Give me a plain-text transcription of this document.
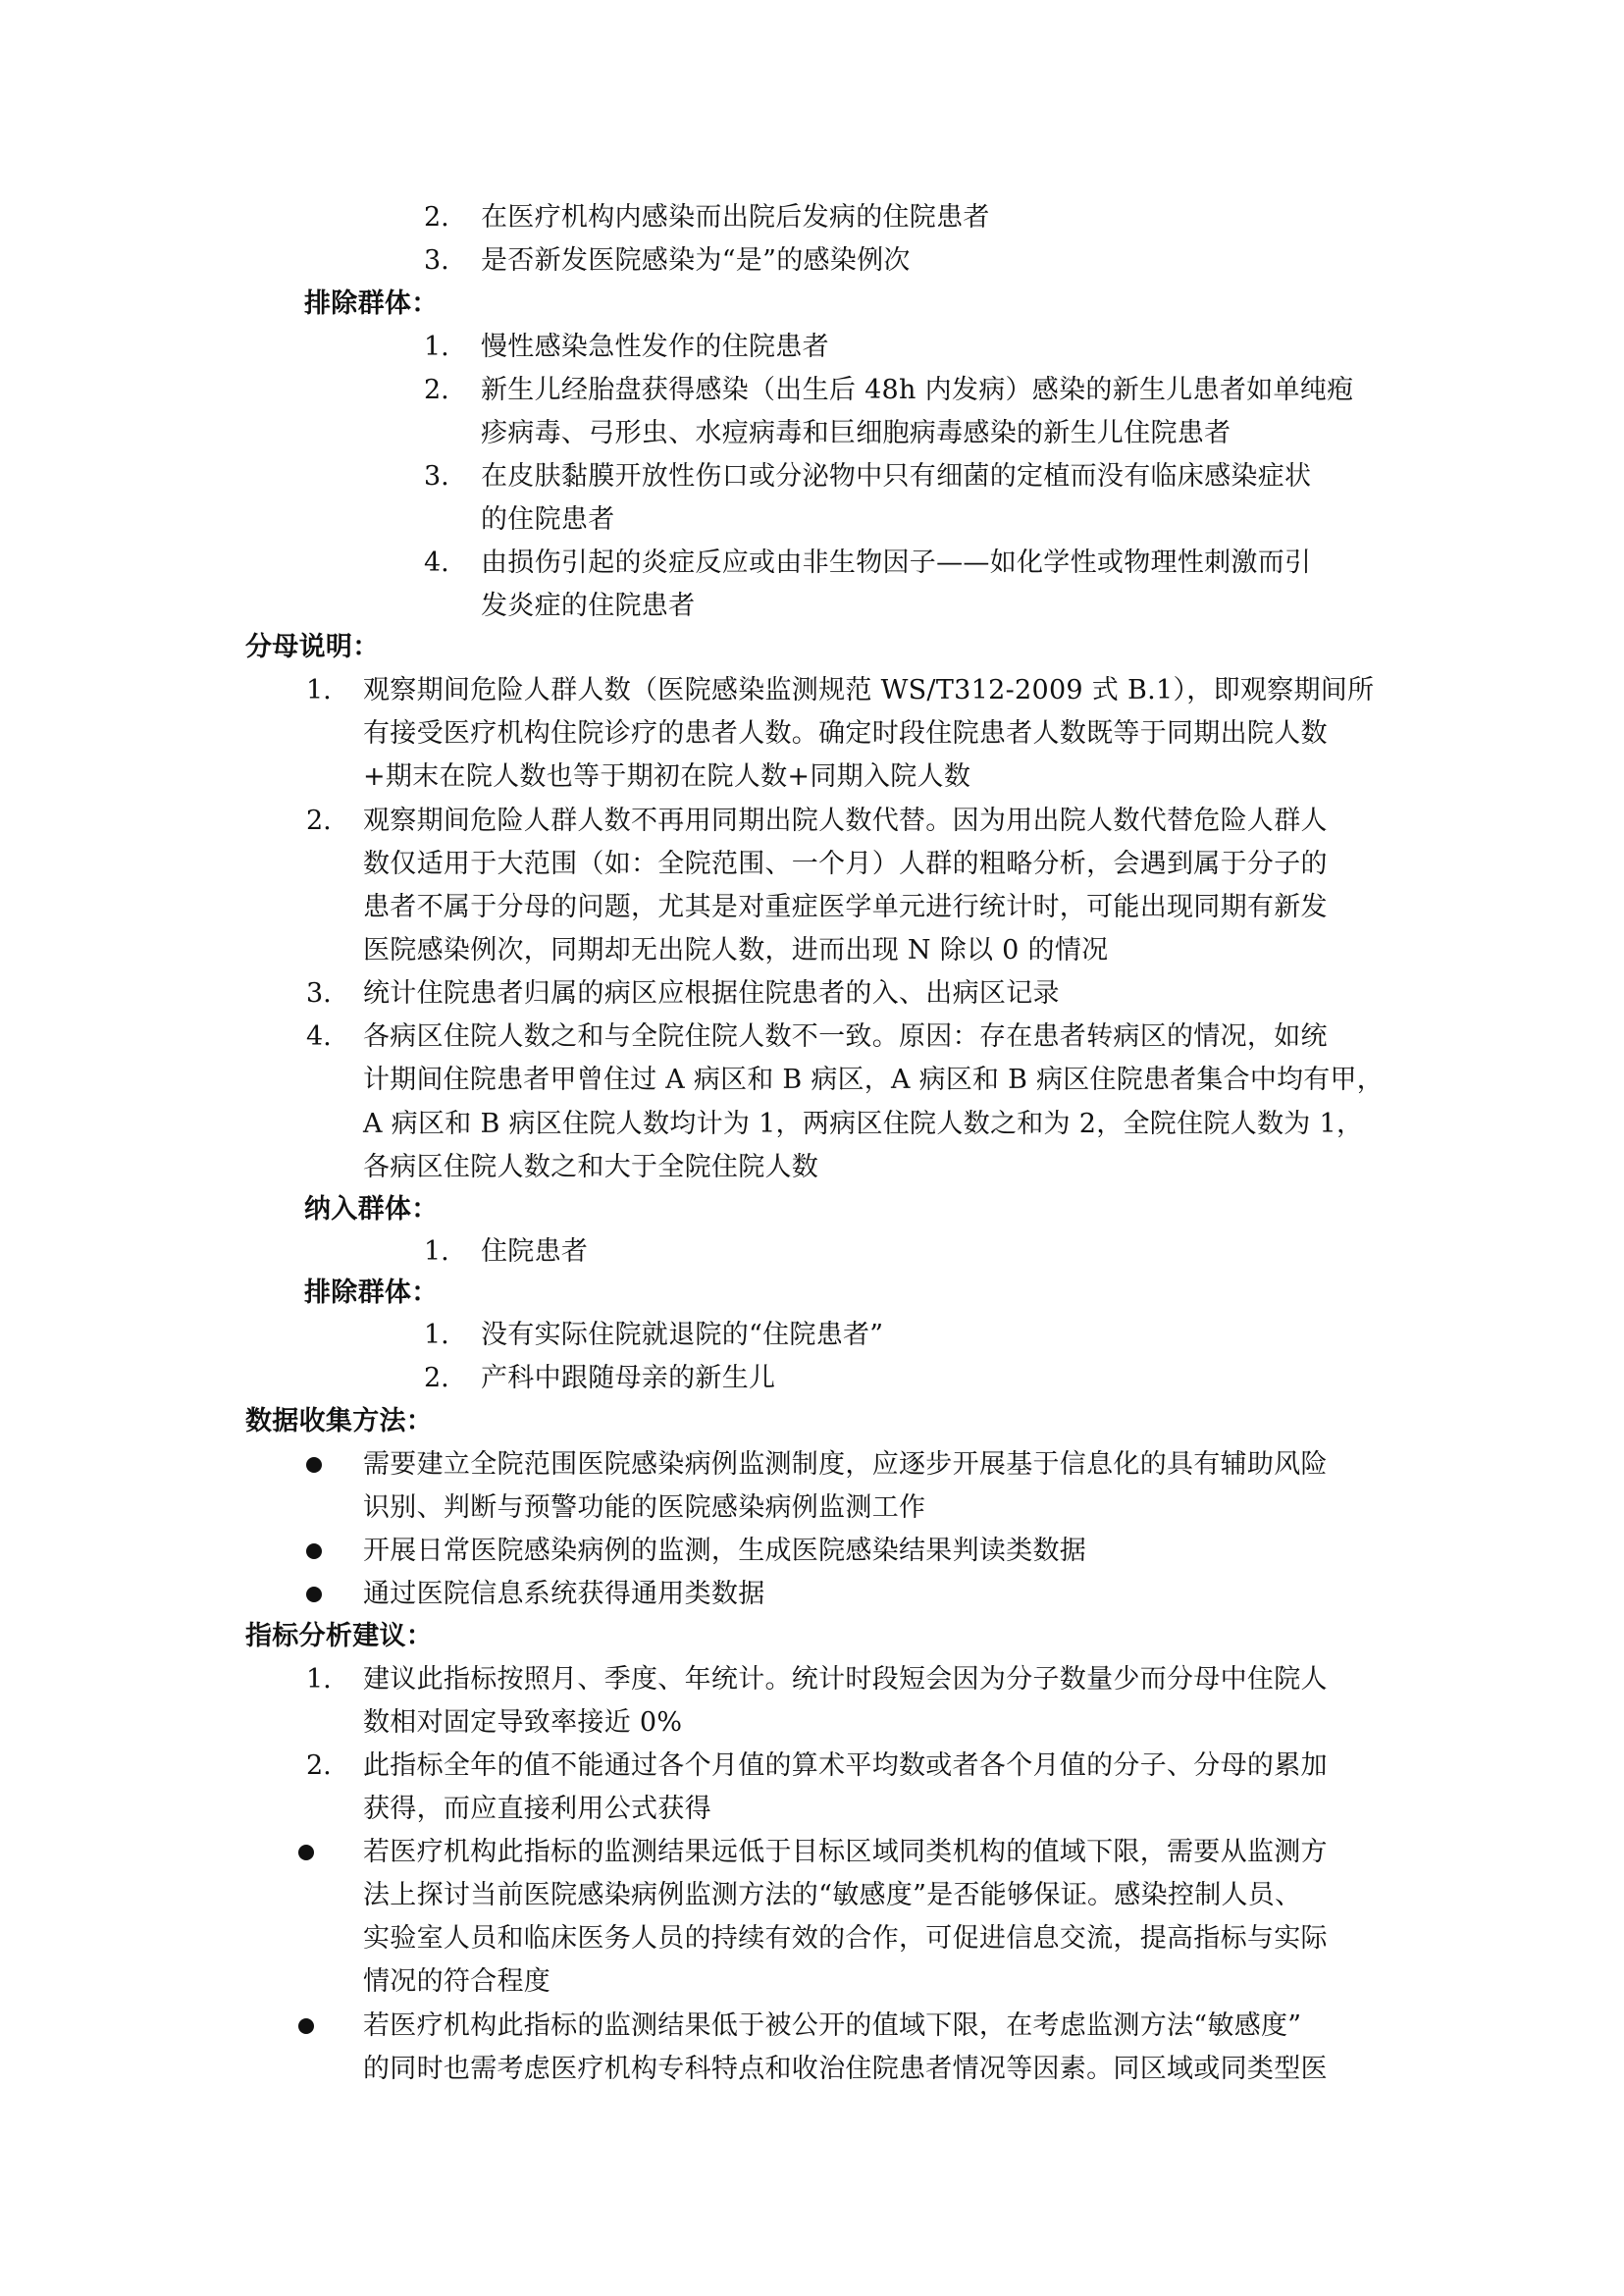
2. 在医疗机构内感染而出院后发病的住院患者
3. 是否新发医院感染为“是”的感染例次
排除群体：
1. 慢性感染急性发作的住院患者
2. 新生儿经胎盘获得感染（出生后 48h 内发病）感染的新生儿患者如单纯疱
疹病毒、弓形虫、水痘病毒和巨细胞病毒感染的新生儿住院患者
3. 在皮肤黏膜开放性伤口或分泌物中只有细菌的定植而没有临床感染症状
的住院患者
4. 由损伤引起的炎症反应或由非生物因子——如化学性或物理性刺激而引
发炎症的住院患者
分母说明：
1. 观察期间危险人群人数（医院感染监测规范 WS/T312-2009 式 B.1），即观察期间所
有接受医疗机构住院诊疗的患者人数。确定时段住院患者人数既等于同期出院人数
+期末在院人数也等于期初在院人数+同期入院人数
2. 观察期间危险人群人数不再用同期出院人数代替。因为用出院人数代替危险人群人
数仅适用于大范围（如：全院范围、一个月）人群的粗略分析，会遇到属于分子的
患者不属于分母的问题，尤其是对重症医学单元进行统计时，可能出现同期有新发
医院感染例次，同期却无出院人数，进而出现 N 除以 0 的情况
3. 统计住院患者归属的病区应根据住院患者的入、出病区记录
4. 各病区住院人数之和与全院住院人数不一致。原因：存在患者转病区的情况，如统
计期间住院患者甲曾住过 A 病区和 B 病区，A 病区和 B 病区住院患者集合中均有甲，
A 病区和 B 病区住院人数均计为 1，两病区住院人数之和为 2，全院住院人数为 1，
各病区住院人数之和大于全院住院人数
纳入群体：
1. 住院患者
排除群体：
1. 没有实际住院就退院的“住院患者”
2. 产科中跟随母亲的新生儿
数据收集方法：
需要建立全院范围医院感染病例监测制度，应逐步开展基于信息化的具有辅助风险
识别、判断与预警功能的医院感染病例监测工作
开展日常医院感染病例的监测，生成医院感染结果判读类数据
通过医院信息系统获得通用类数据
指标分析建议：
1. 建议此指标按照月、季度、年统计。统计时段短会因为分子数量少而分母中住院人
数相对固定导致率接近 0%
2. 此指标全年的值不能通过各个月值的算术平均数或者各个月值的分子、分母的累加
获得，而应直接利用公式获得
若医疗机构此指标的监测结果远低于目标区域同类机构的值域下限，需要从监测方
法上探讨当前医院感染病例监测方法的“敏感度”是否能够保证。感染控制人员、
实验室人员和临床医务人员的持续有效的合作，可促进信息交流，提高指标与实际
情况的符合程度
若医疗机构此指标的监测结果低于被公开的值域下限，在考虑监测方法“敏感度”
的同时也需考虑医疗机构专科特点和收治住院患者情况等因素。同区域或同类型医
